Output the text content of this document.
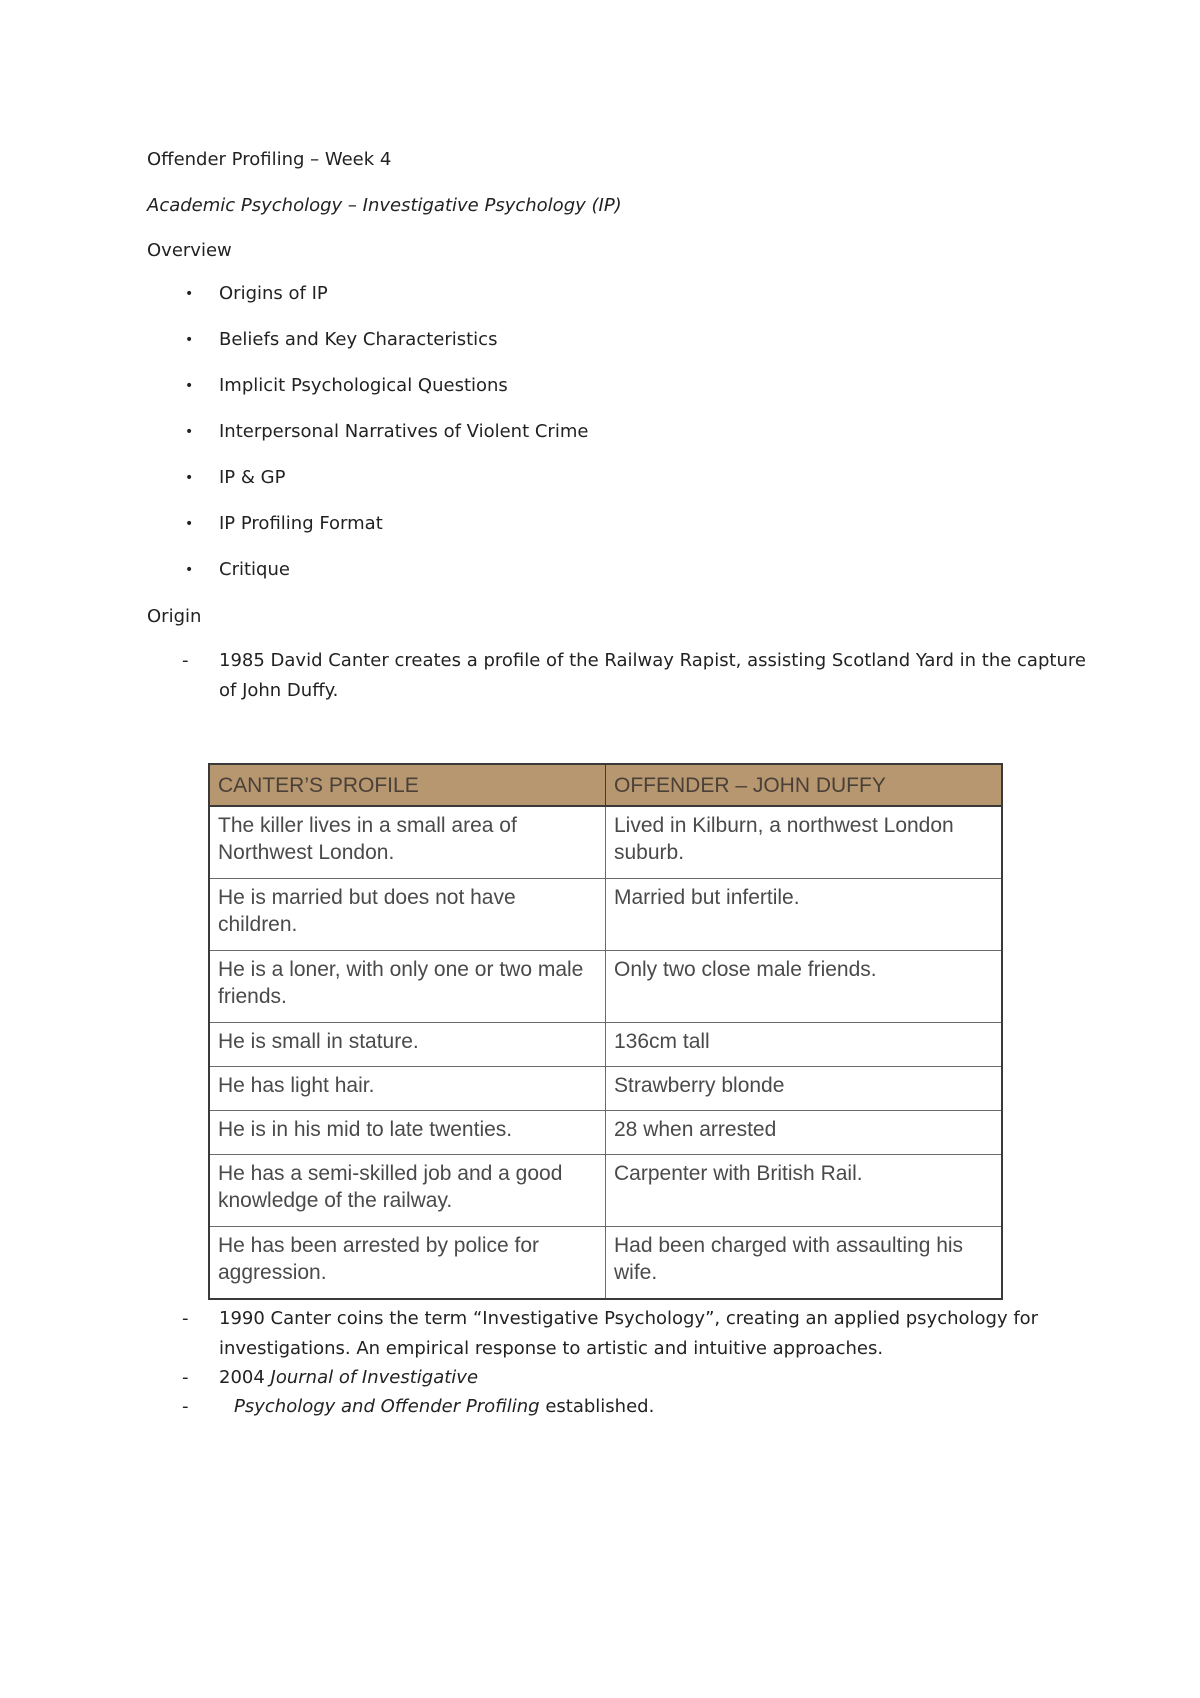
Offender Profiling – Week 4
Academic Psychology – Investigative Psychology (IP)
Overview
• Origins of IP
• Beliefs and Key Characteristics
• Implicit Psychological Questions
• Interpersonal Narratives of Violent Crime
• IP & GP
• IP Profiling Format
• Critique
Origin
- 1985 David Canter creates a profile of the Railway Rapist, assisting Scotland Yard in the capture of John Duffy.
CANTER’S PROFILE	OFFENDER – JOHN DUFFY
The killer lives in a small area of Northwest London.	Lived in Kilburn, a northwest London suburb.
He is married but does not have children.	Married but infertile.
He is a loner, with only one or two male friends.	Only two close male friends.
He is small in stature.	136cm tall
He has light hair.	Strawberry blonde
He is in his mid to late twenties.	28 when arrested
He has a semi-skilled job and a good knowledge of the railway.	Carpenter with British Rail.
He has been arrested by police for aggression.	Had been charged with assaulting his wife.
- 1990 Canter coins the term “Investigative Psychology”, creating an applied psychology for investigations. An empirical response to artistic and intuitive approaches.
- 2004 Journal of Investigative
-	Psychology and Offender Profiling established.
